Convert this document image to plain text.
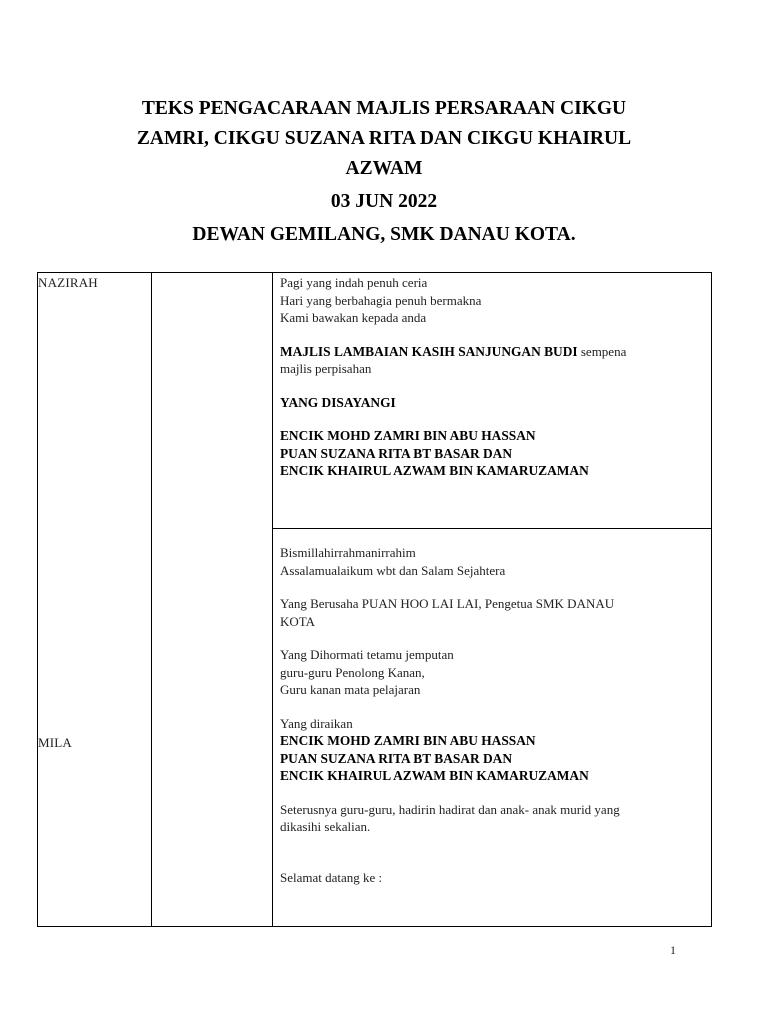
TEKS PENGACARAAN MAJLIS PERSARAAN CIKGU
ZAMRI, CIKGU SUZANA RITA DAN CIKGU KHAIRUL
AZWAM
03 JUN 2022
DEWAN GEMILANG, SMK DANAU KOTA.
NAZIRAH
MILA
Pagi yang indah penuh ceria
Hari yang berbahagia penuh bermakna
Kami bawakan kepada anda
MAJLIS LAMBAIAN KASIH SANJUNGAN BUDI sempena
majlis perpisahan
YANG DISAYANGI
ENCIK MOHD ZAMRI BIN ABU HASSAN
PUAN SUZANA RITA BT BASAR DAN
ENCIK KHAIRUL AZWAM BIN KAMARUZAMAN
Bismillahirrahmanirrahim
Assalamualaikum wbt dan Salam Sejahtera
Yang Berusaha PUAN HOO LAI LAI, Pengetua SMK DANAU
KOTA
Yang Dihormati tetamu jemputan
guru-guru Penolong Kanan,
Guru kanan mata pelajaran
Yang diraikan
ENCIK MOHD ZAMRI BIN ABU HASSAN
PUAN SUZANA RITA BT BASAR DAN
ENCIK KHAIRUL AZWAM BIN KAMARUZAMAN
Seterusnya guru-guru, hadirin hadirat dan anak- anak murid yang
dikasihi sekalian.
Selamat datang ke :
1
